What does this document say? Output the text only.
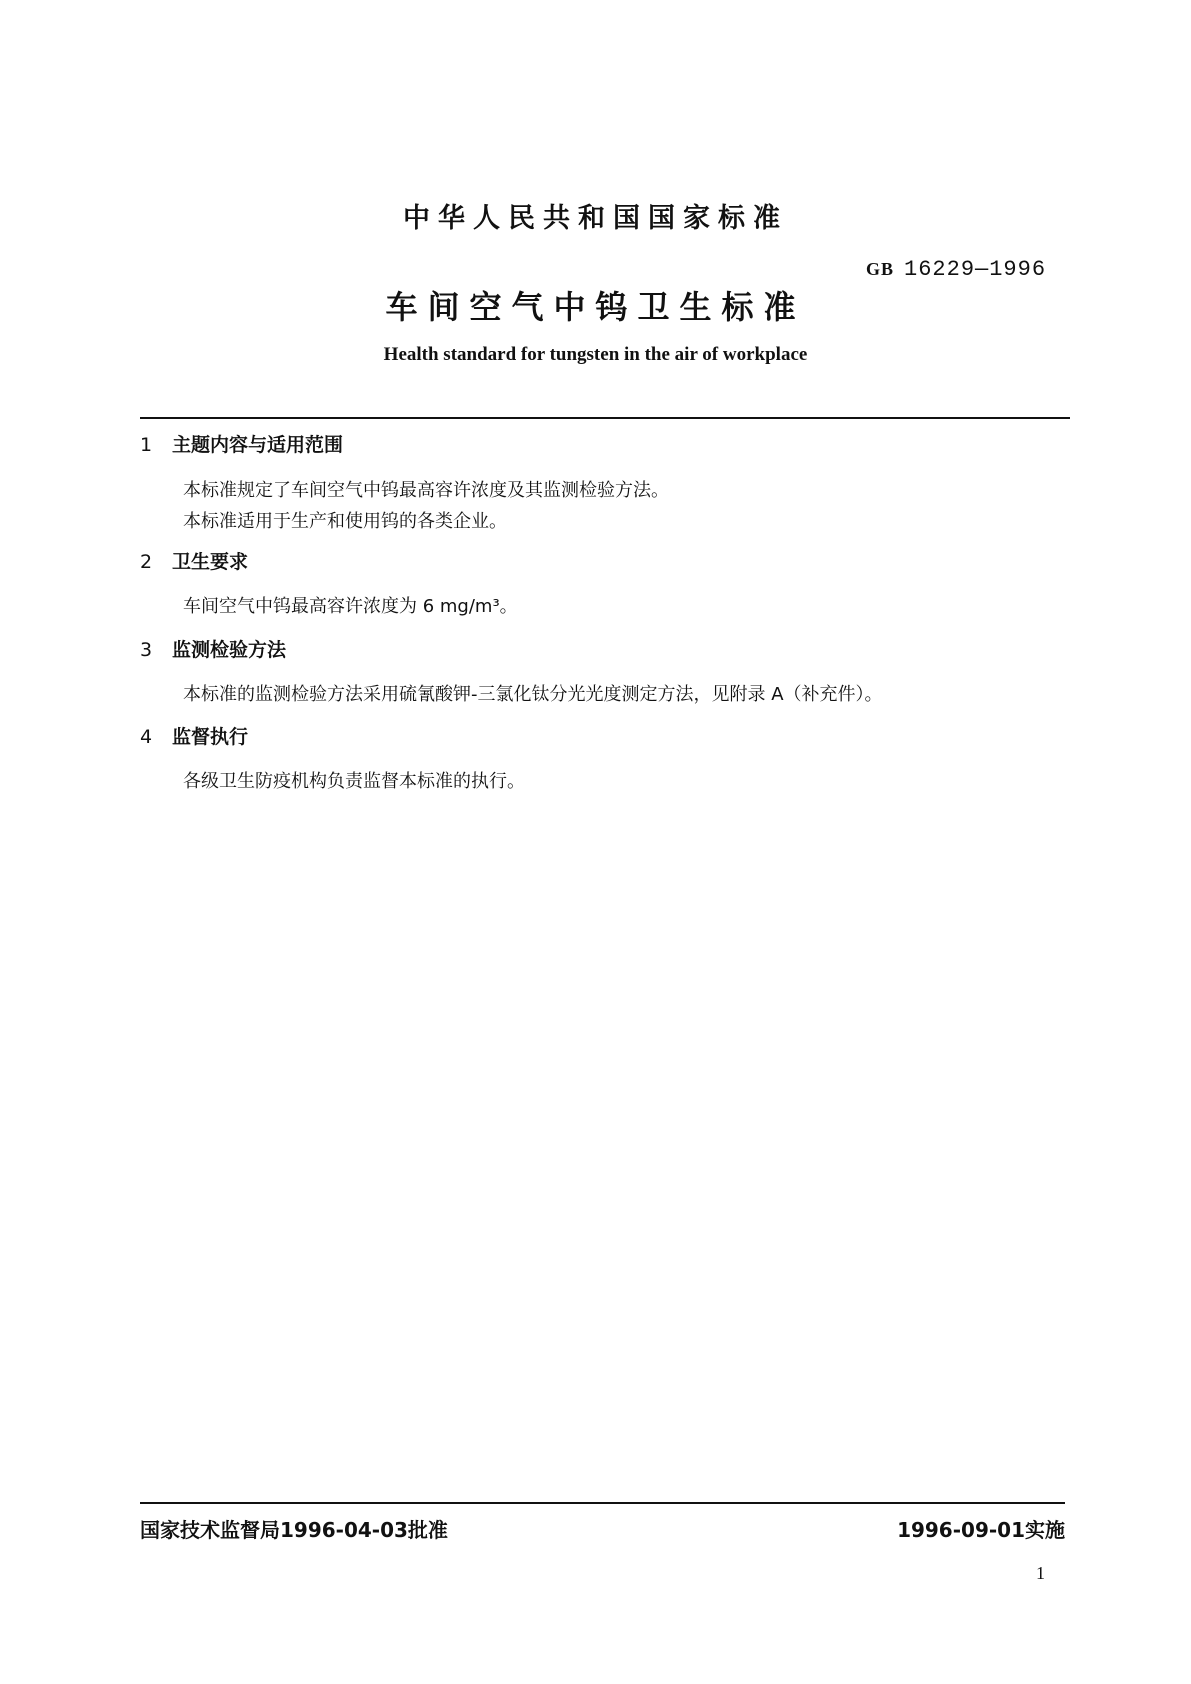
中华人民共和国国家标准
GB 16229—1996
车间空气中钨卫生标准
Health standard for tungsten in the air of workplace
1 主题内容与适用范围
本标准规定了车间空气中钨最高容许浓度及其监测检验方法。
本标准适用于生产和使用钨的各类企业。
2 卫生要求
车间空气中钨最高容许浓度为 6 mg/m³。
3 监测检验方法
本标准的监测检验方法采用硫氰酸钾-三氯化钛分光光度测定方法，见附录 A（补充件）。
4 监督执行
各级卫生防疫机构负责监督本标准的执行。
国家技术监督局1996-04-03批准	1996-09-01实施
1
